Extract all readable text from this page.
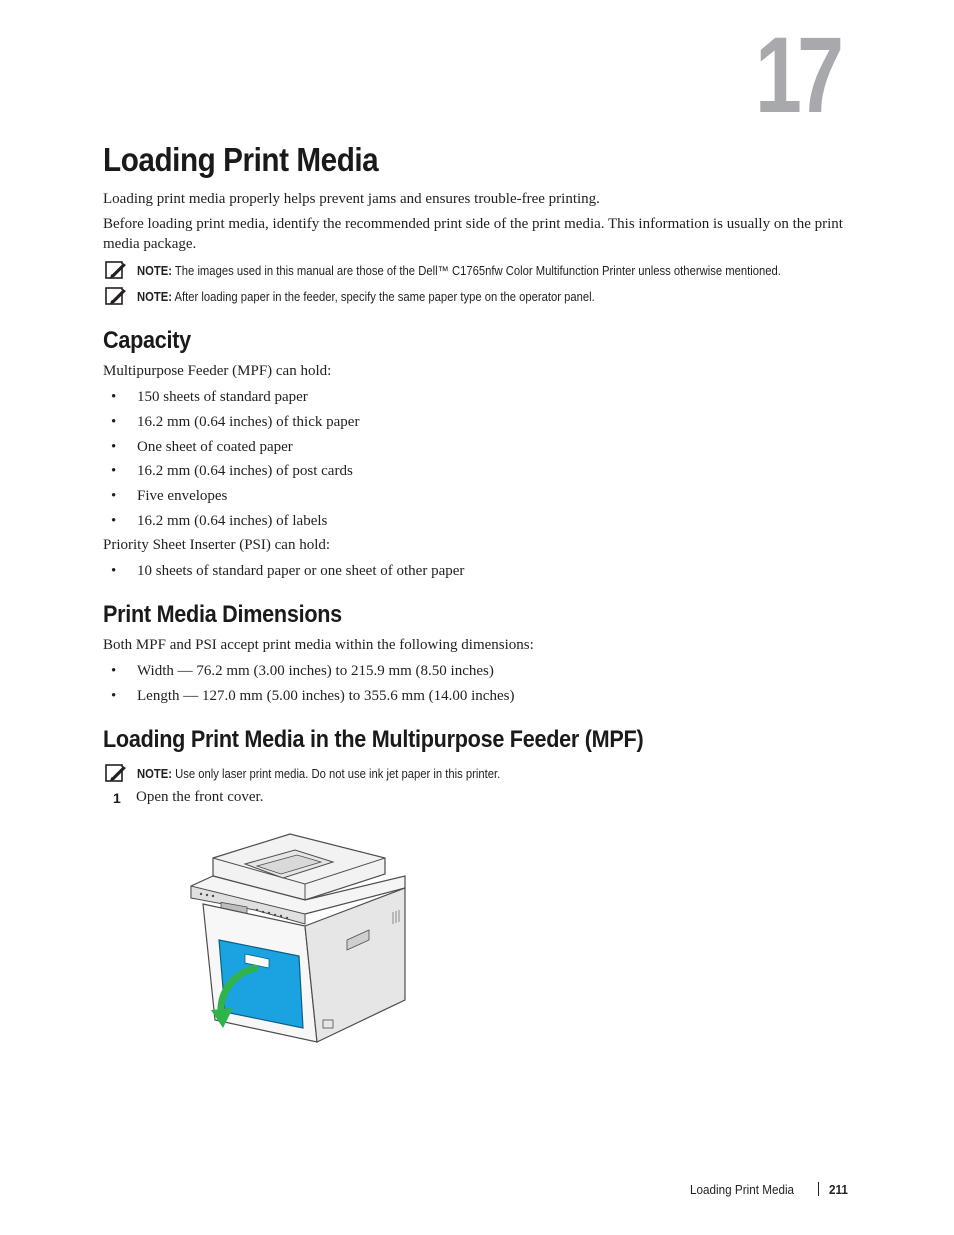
17
Loading Print Media
Loading print media properly helps prevent jams and ensures trouble-free printing.
Before loading print media, identify the recommended print side of the print media. This information is usually on the print media package.
NOTE: The images used in this manual are those of the Dell™ C1765nfw Color Multifunction Printer unless otherwise mentioned.
NOTE: After loading paper in the feeder, specify the same paper type on the operator panel.
Capacity
Multipurpose Feeder (MPF) can hold:
• 150 sheets of standard paper
• 16.2 mm (0.64 inches) of thick paper
• One sheet of coated paper
• 16.2 mm (0.64 inches) of post cards
• Five envelopes
• 16.2 mm (0.64 inches) of labels
Priority Sheet Inserter (PSI) can hold:
• 10 sheets of standard paper or one sheet of other paper
Print Media Dimensions
Both MPF and PSI accept print media within the following dimensions:
• Width — 76.2 mm (3.00 inches) to 215.9 mm (8.50 inches)
• Length — 127.0 mm (5.00 inches) to 355.6 mm (14.00 inches)
Loading Print Media in the Multipurpose Feeder (MPF)
NOTE: Use only laser print media. Do not use ink jet paper in this printer.
1 Open the front cover.
Loading Print Media	211
